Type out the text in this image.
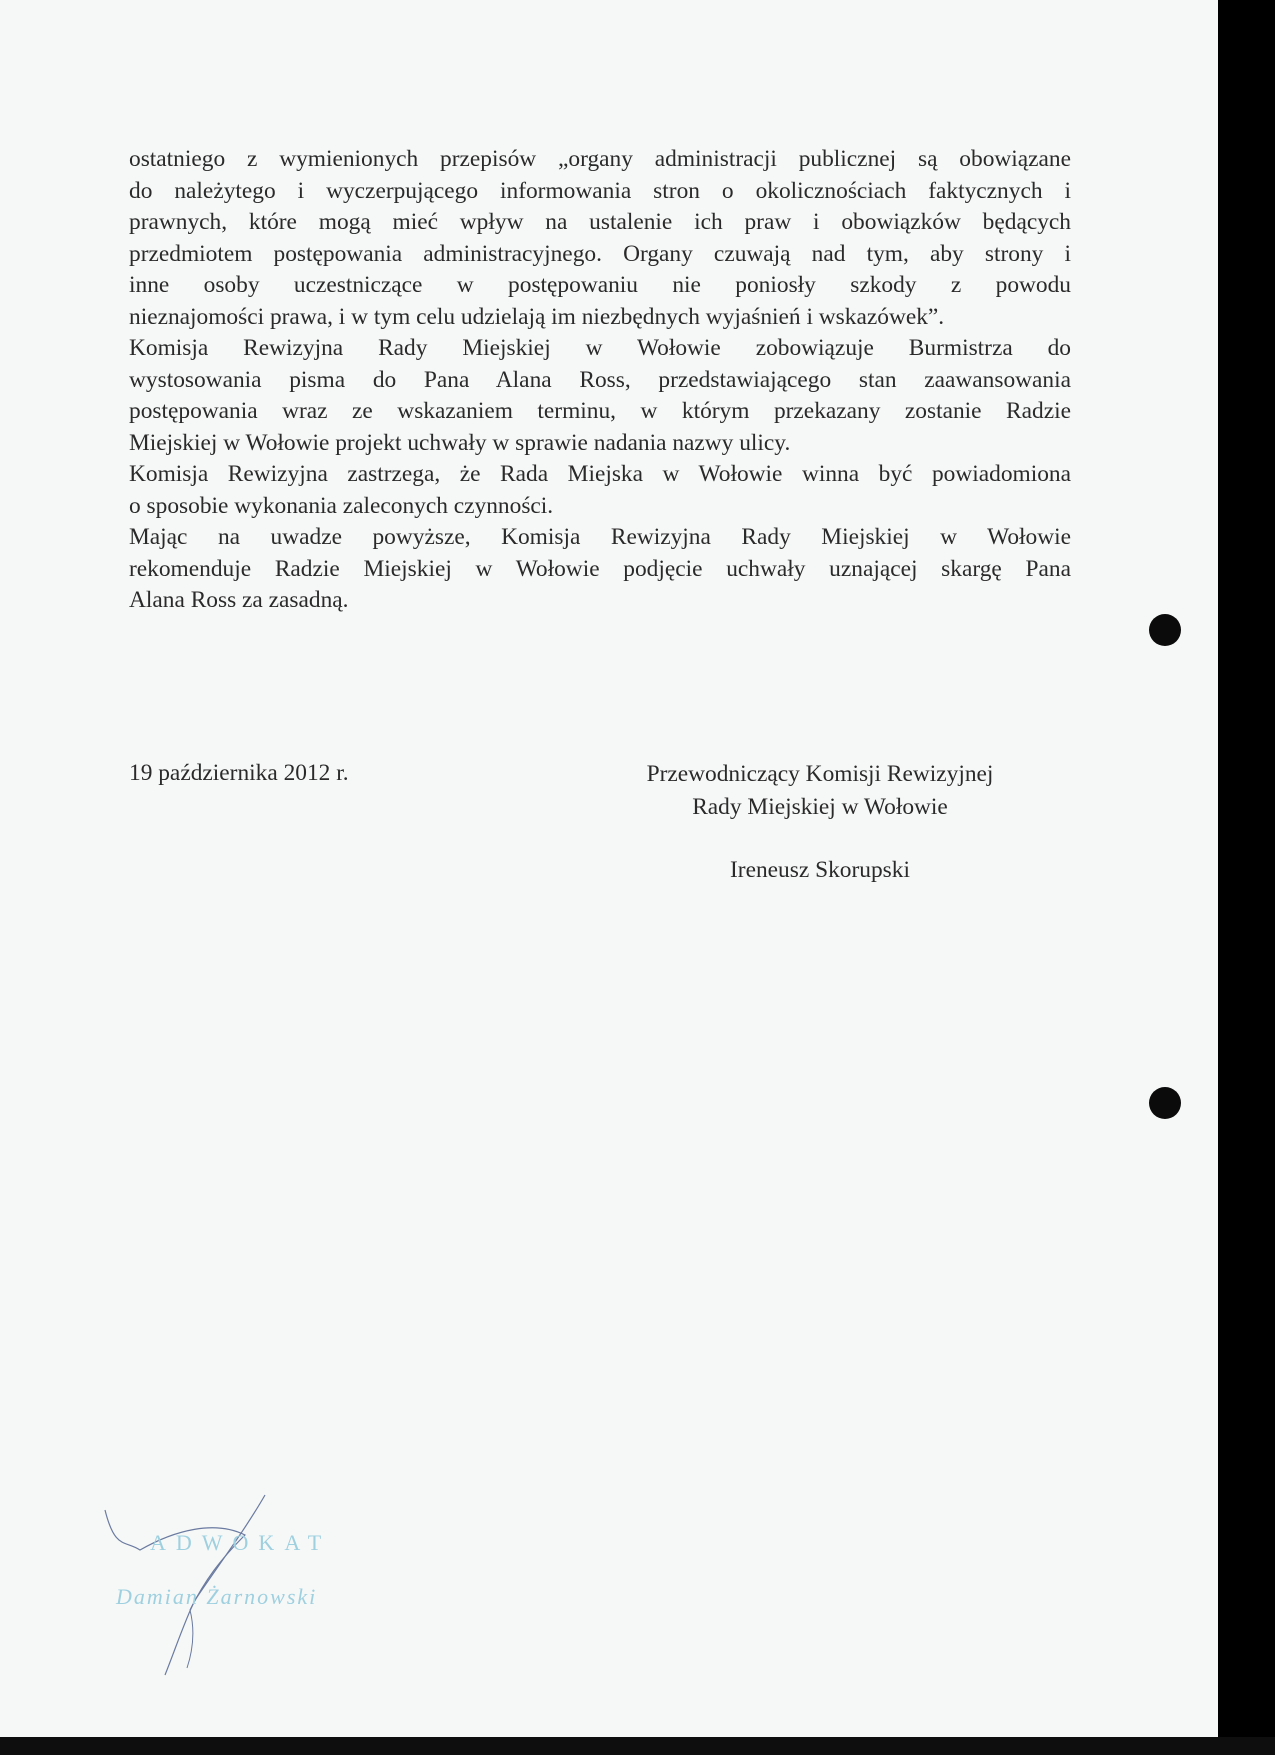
ostatniego z wymienionych przepisów „organy administracji publicznej są obowiązane

do należytego i wyczerpującego informowania stron o okolicznościach faktycznych i

prawnych, które mogą mieć wpływ na ustalenie ich praw i obowiązków będących

przedmiotem postępowania administracyjnego. Organy czuwają nad tym, aby strony i

inne osoby uczestniczące w postępowaniu nie poniosły szkody z powodu

nieznajomości prawa, i w tym celu udzielają im niezbędnych wyjaśnień i wskazówek”.

Komisja Rewizyjna Rady Miejskiej w Wołowie zobowiązuje Burmistrza do

wystosowania pisma do Pana Alana Ross, przedstawiającego stan zaawansowania

postępowania wraz ze wskazaniem terminu, w którym przekazany zostanie Radzie

Miejskiej w Wołowie projekt uchwały w sprawie nadania nazwy ulicy.

Komisja Rewizyjna zastrzega, że Rada Miejska w Wołowie winna być powiadomiona

o sposobie wykonania zaleconych czynności.

Mając na uwadze powyższe, Komisja Rewizyjna Rady Miejskiej w Wołowie

rekomenduje Radzie Miejskiej w Wołowie podjęcie uchwały uznającej skargę Pana

Alana Ross za zasadną.

19 października 2012 r.	Przewodniczący Komisji Rewizyjnej
Rady Miejskiej w Wołowie
Ireneusz Skorupski
ADWOKAT
Damian Żarnowski
